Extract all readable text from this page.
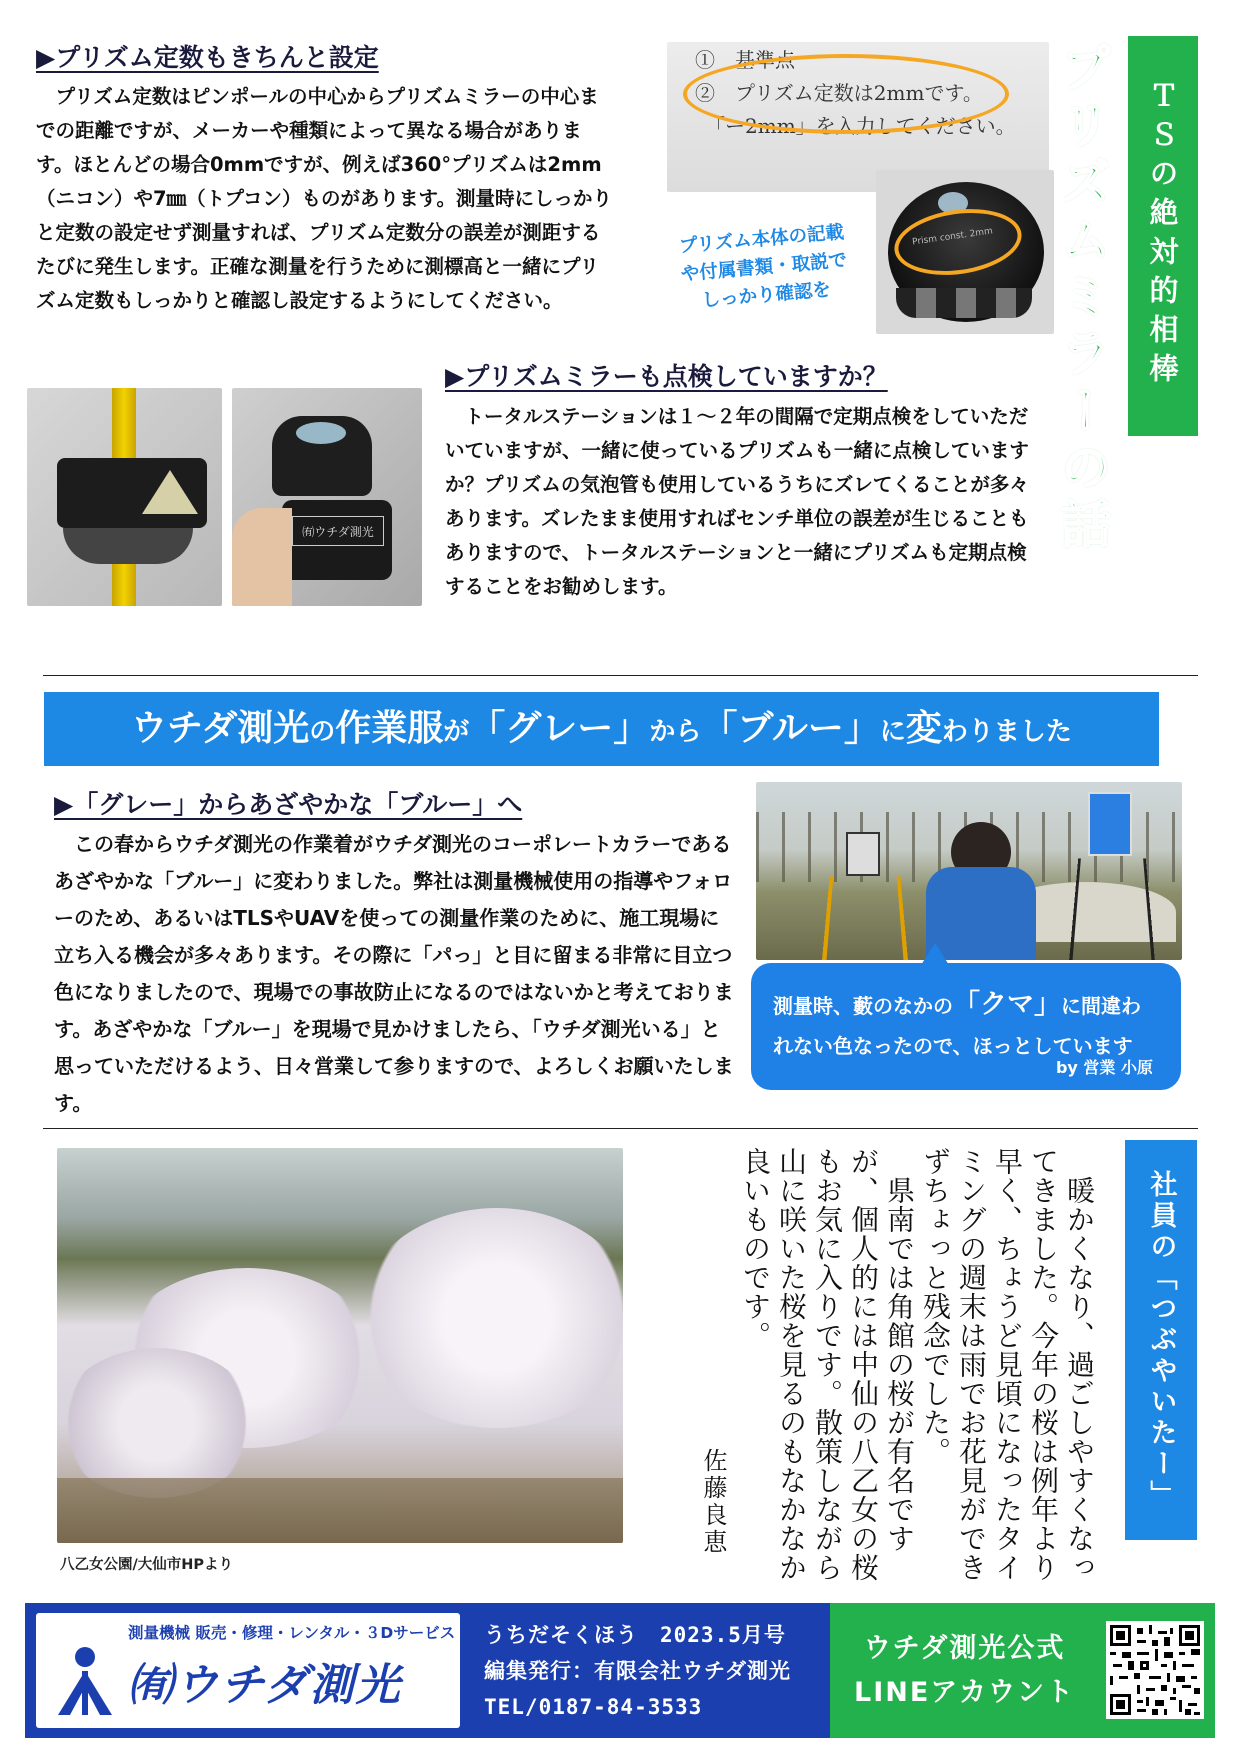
▶プリズム定数もきちんと設定
　プリズム定数はピンポールの中心からプリズムミラーの中心までの距離ですが、メーカーや種類によって異なる場合があります。ほとんどの場合0mmですが、例えば360°プリズムは2mm（ニコン）や7㎜（トプコン）ものがあります。測量時にしっかりと定数の設定せず測量すれば、プリズム定数分の誤差が測距するたびに発生します。正確な測量を行うために測標高と一緒にプリズム定数もしっかりと確認し設定するようにしてください。
①　基準点
②　プリズム定数は2mmです。
　「ー2mm」を入力してください。
Prism const. 2mm
プリズム本体の記載
や付属書類・取説で
しっかり確認を	ＴＳの絶対的相棒
プリズムミラーの話
㈲ウチダ測光
▶プリズムミラーも点検していますか？
　トータルステーションは１～２年の間隔で定期点検をしていただいていますが、一緒に使っているプリズムも一緒に点検していますか？プリズムの気泡管も使用しているうちにズレてくることが多々あります。ズレたまま使用すればセンチ単位の誤差が生じることもありますので、トータルステーションと一緒にプリズムも定期点検することをお勧めします。
ウチダ測光 の 作業服 が 「グレー」 から 「ブルー」 に 変 わりました
▶「グレー」からあざやかな「ブルー」へ
　この春からウチダ測光の作業着がウチダ測光のコーポレートカラーであるあざやかな「ブルー」に変わりました。弊社は測量機械使用の指導やフォローのため、あるいはTLSやUAVを使っての測量作業のために、施工現場に立ち入る機会が多々あります。その際に「パっ」と目に留まる非常に目立つ色になりましたので、現場での事故防止になるのではないかと考えております。あざやかな「ブルー」を現場で見かけましたら、「ウチダ測光いる」と思っていただけるよう、日々営業して参りますので、よろしくお願いたします。
測量時、藪のなかの「クマ」に間違われない色なったので、ほっとしています
by 営業 小原
八乙女公園/大仙市HPより	　暖かくなり、過ごしやすくなってきました。今年の桜は例年より早く、ちょうど見頃になったタイミングの週末は雨でお花見ができずちょっと残念でした。
　県南では角館の桜が有名ですが、個人的には中仙の八乙女の桜もお気に入りです。散策しながら山に咲いた桜を見るのもなかなか良いものです。
佐藤良恵	社員の「つぶやいたー」
測量機械 販売・修理・レンタル・３Dサービス
㈲ウチダ測光
うちだそくほう　2023.5月号
編集発行：有限会社ウチダ測光
TEL/0187-84-3533
ウチダ測光公式
LINEアカウント
